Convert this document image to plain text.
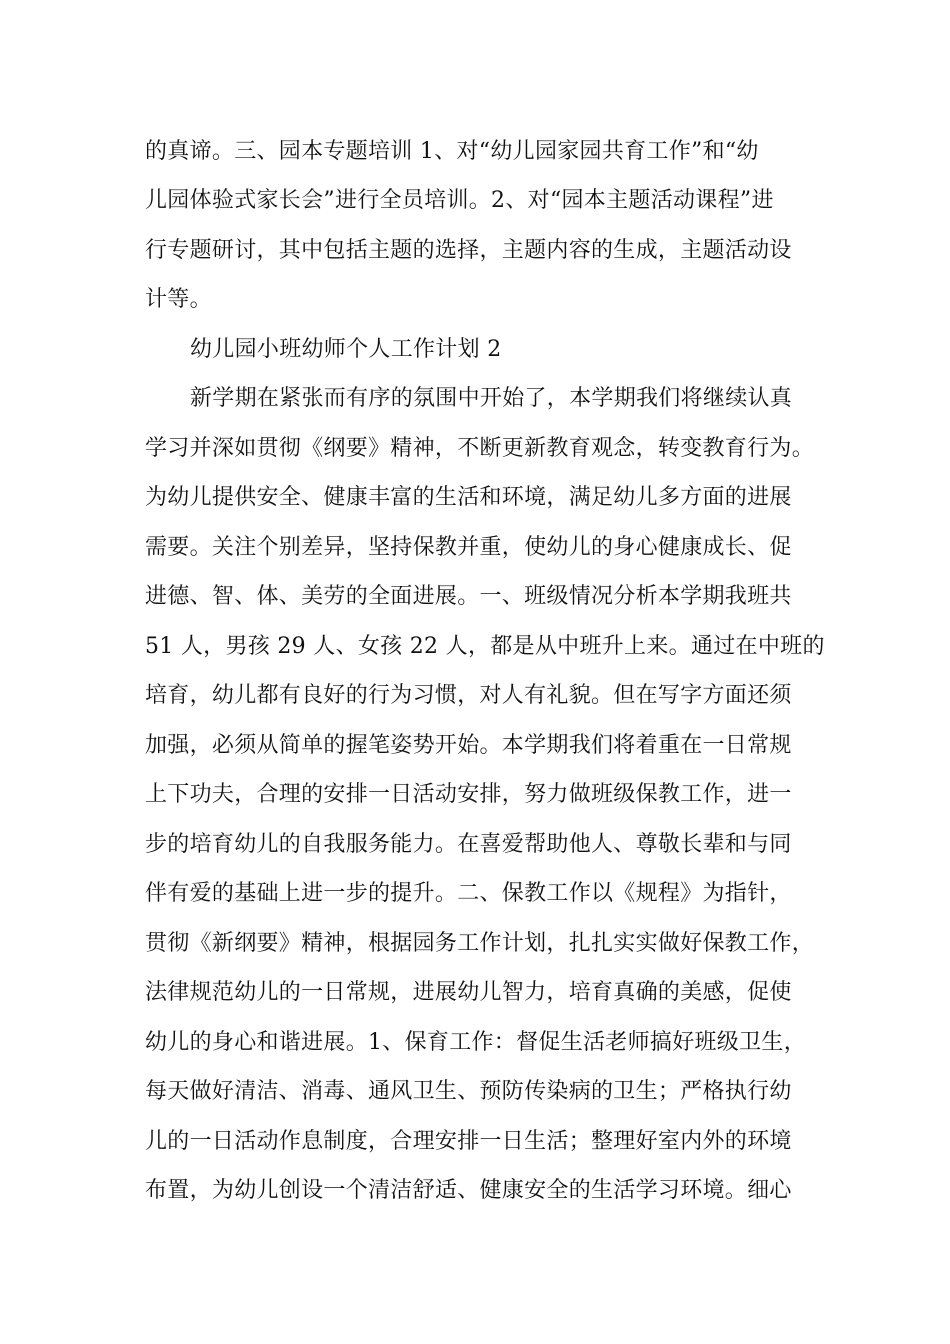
的真谛。三、园本专题培训 1、对“幼儿园家园共育工作”和“幼
儿园体验式家长会”进行全员培训。2、对“园本主题活动课程”进
行专题研讨，其中包括主题的选择，主题内容的生成，主题活动设
计等。
幼儿园小班幼师个人工作计划 2
新学期在紧张而有序的氛围中开始了，本学期我们将继续认真
学习并深如贯彻《纲要》精神，不断更新教育观念，转变教育行为。
为幼儿提供安全、健康丰富的生活和环境，满足幼儿多方面的进展
需要。关注个别差异，坚持保教并重，使幼儿的身心健康成长、促
进德、智、体、美劳的全面进展。一、班级情况分析本学期我班共
51 人，男孩 29 人、女孩 22 人，都是从中班升上来。通过在中班的
培育，幼儿都有良好的行为习惯，对人有礼貌。但在写字方面还须
加强，必须从简单的握笔姿势开始。本学期我们将着重在一日常规
上下功夫，合理的安排一日活动安排，努力做班级保教工作，进一
步的培育幼儿的自我服务能力。在喜爱帮助他人、尊敬长辈和与同
伴有爱的基础上进一步的提升。二、保教工作以《规程》为指针，
贯彻《新纲要》精神，根据园务工作计划，扎扎实实做好保教工作，
法律规范幼儿的一日常规，进展幼儿智力，培育真确的美感，促使
幼儿的身心和谐进展。1、保育工作：督促生活老师搞好班级卫生，
每天做好清洁、消毒、通风卫生、预防传染病的卫生；严格执行幼
儿的一日活动作息制度，合理安排一日生活；整理好室内外的环境
布置，为幼儿创设一个清洁舒适、健康安全的生活学习环境。细心
